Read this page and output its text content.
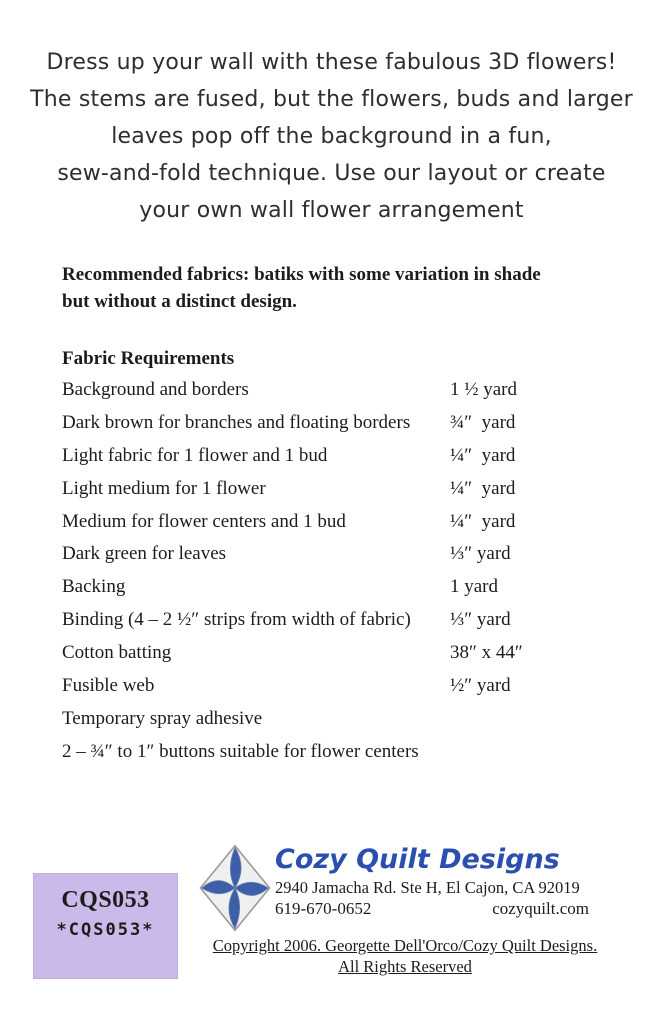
Dress up your wall with these fabulous 3D flowers!
The stems are fused, but the flowers, buds and larger
leaves pop off the background in a fun,
sew-and-fold technique. Use our layout or create
your own wall flower arrangement
Recommended fabrics: batiks with some variation in shade
but without a distinct design.
Fabric Requirements
Background and borders	1 ½ yard
Dark brown for branches and floating borders ¾″  yard
Light fabric for 1 flower and 1 bud	¼″  yard
Light medium for 1 flower	¼″  yard
Medium for flower centers and 1 bud	¼″  yard
Dark green for leaves	⅓″ yard
Backing	1 yard
Binding (4 – 2 ½″ strips from width of fabric) ⅓″ yard
Cotton batting	38″ x 44″
Fusible web	½″ yard
Temporary spray adhesive
2 – ¾″ to 1″ buttons suitable for flower centers
CQS053
*CQS053*
Cozy Quilt Designs
2940 Jamacha Rd. Ste H, El Cajon, CA 92019
619-670-0652	cozyquilt.com
Copyright 2006. Georgette Dell'Orco/Cozy Quilt Designs.
All Rights Reserved
